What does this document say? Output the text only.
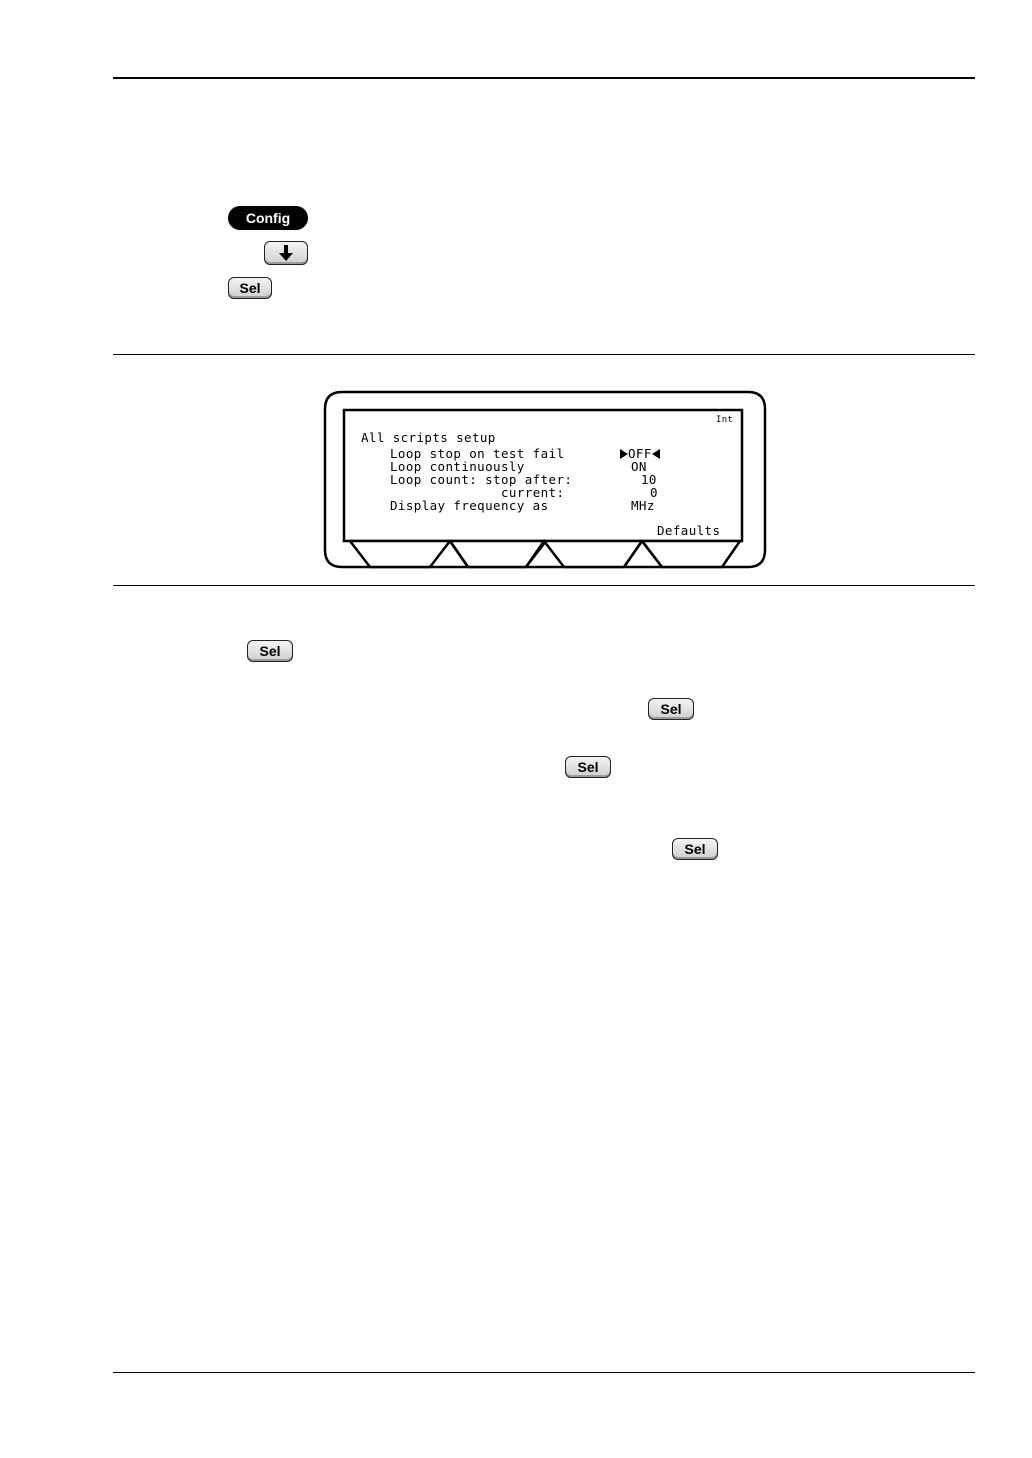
Config
Sel
Int
All scripts setup
Loop stop on test fail	OFF
Loop continuously	ON
Loop count: stop after:	10
current:	0
Display frequency as	MHz
Defaults
Sel
Sel
Sel
Sel
